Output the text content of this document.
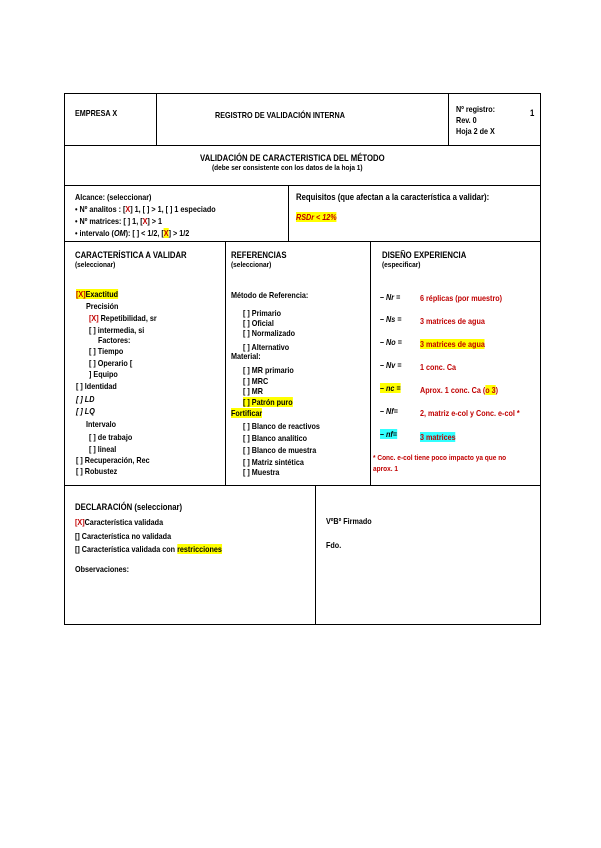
EMPRESA X	REGISTRO DE VALIDACIÓN INTERNA
Nº registro:	1
Rev. 0
Hoja 2 de X
VALIDACIÓN DE CARACTERISTICA DEL MÉTODO
(debe ser consistente con los datos de la hoja 1)
Alcance: (seleccionar)
• Nº analitos : [X] 1, [ ] > 1, [ ] 1 especiado
• Nº matrices: [ ] 1, [X] > 1
• intervalo (OM): [ ] < 1/2, [X] > 1/2
Requisitos (que afectan a la característica a validar):
RSDr < 12%
CARACTERÍSTICA A VALIDAR
(seleccionar)
REFERENCIAS
(seleccionar)
DISEÑO EXPERIENCIA
(especificar)
[X]Exactitud
Precisión
[X] Repetibilidad, sr
[ ] intermedia, si
Factores:
[ ] Tiempo
[ ] Operario [
] Equipo
[ ] Identidad
[ ] LD
[ ] LQ
Intervalo
[ ] de trabajo
[ ] lineal
[ ] Recuperación, Rec
[ ] Robustez
Método de Referencia:
[ ] Primario
[ ] Oficial
[ ] Normalizado
[ ] Alternativo
Material:
[ ] MR primario
[ ] MRC
[ ] MR
[ ] Patrón puro
Fortificar
[ ] Blanco de reactivos
[ ] Blanco analítico
[ ] Blanco de muestra
[ ] Matriz sintética
[ ] Muestra
– Nr = 6 réplicas (por muestro)
– Ns = 3 matrices de agua
– No = 3 matrices de agua
– Nv = 1 conc. Ca
– nc = Aprox. 1 conc. Ca (o 3)
– Nf=	2, matriz e-col y Conc. e-col *
– nf=	3 matrices
* Conc. e-col tiene poco impacto ya que no
aprox. 1
DECLARACIÓN (seleccionar)
[X]Característica validada
[] Característica no validada
[] Característica validada con restricciones
Observaciones:
VºBº Firmado
Fdo.
